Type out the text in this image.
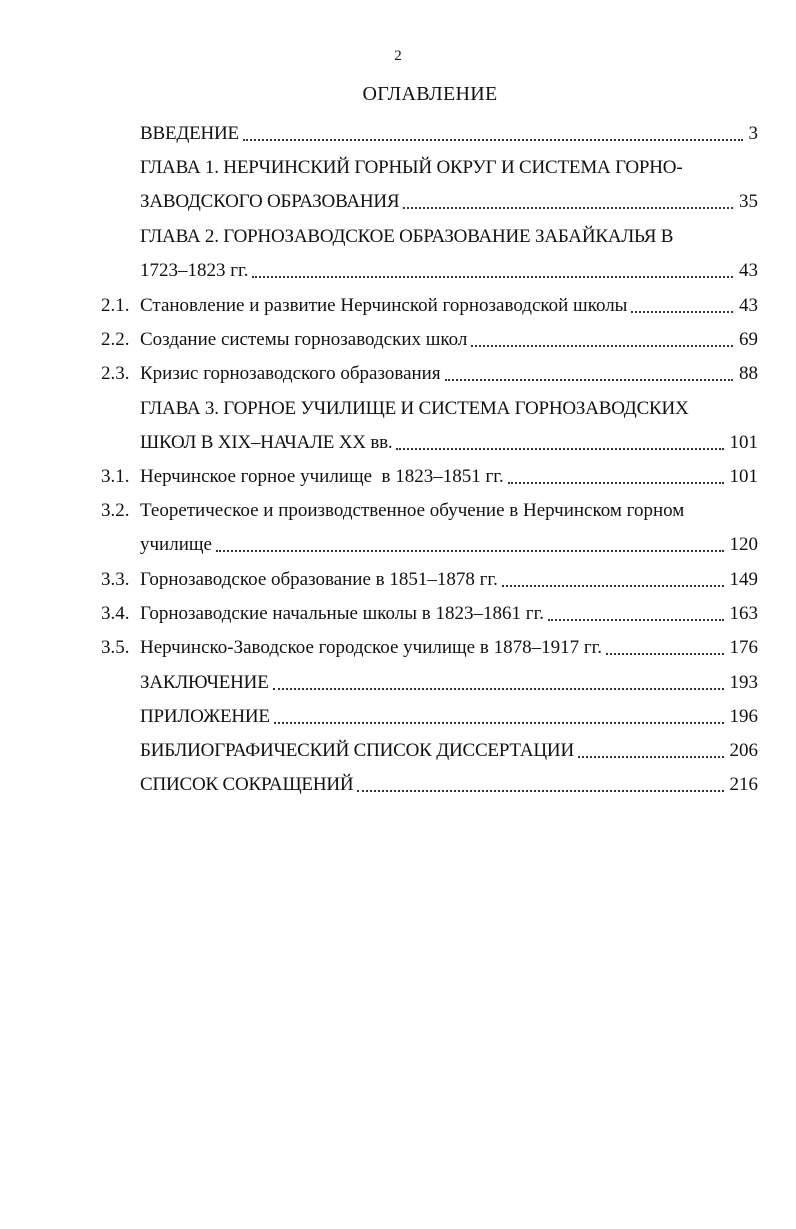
2
ОГЛАВЛЕНИЕ
ВВЕДЕНИЕ	3
ГЛАВА 1. НЕРЧИНСКИЙ ГОРНЫЙ ОКРУГ И СИСТЕМА ГОРНО-
ЗАВОДСКОГО ОБРАЗОВАНИЯ	35
ГЛАВА 2. ГОРНОЗАВОДСКОЕ ОБРАЗОВАНИЕ ЗАБАЙКАЛЬЯ В
1723–1823 гг.	43
2.1. Становление и развитие Нерчинской горнозаводской школы	43
2.2. Создание системы горнозаводских школ	69
2.3. Кризис горнозаводского образования	88
ГЛАВА 3. ГОРНОЕ УЧИЛИЩЕ И СИСТЕМА ГОРНОЗАВОДСКИХ
ШКОЛ В XIX–НАЧАЛЕ XX вв.	101
3.1. Нерчинское горное училище  в 1823–1851 гг.	101
3.2. Теоретическое и производственное обучение в Нерчинском горном
училище	120
3.3. Горнозаводское образование в 1851–1878 гг.	149
3.4. Горнозаводские начальные школы в 1823–1861 гг.	163
3.5. Нерчинско-Заводское городское училище в 1878–1917 гг.	176
ЗАКЛЮЧЕНИЕ	193
ПРИЛОЖЕНИЕ	196
БИБЛИОГРАФИЧЕСКИЙ СПИСОК ДИССЕРТАЦИИ	206
СПИСОК СОКРАЩЕНИЙ	216
